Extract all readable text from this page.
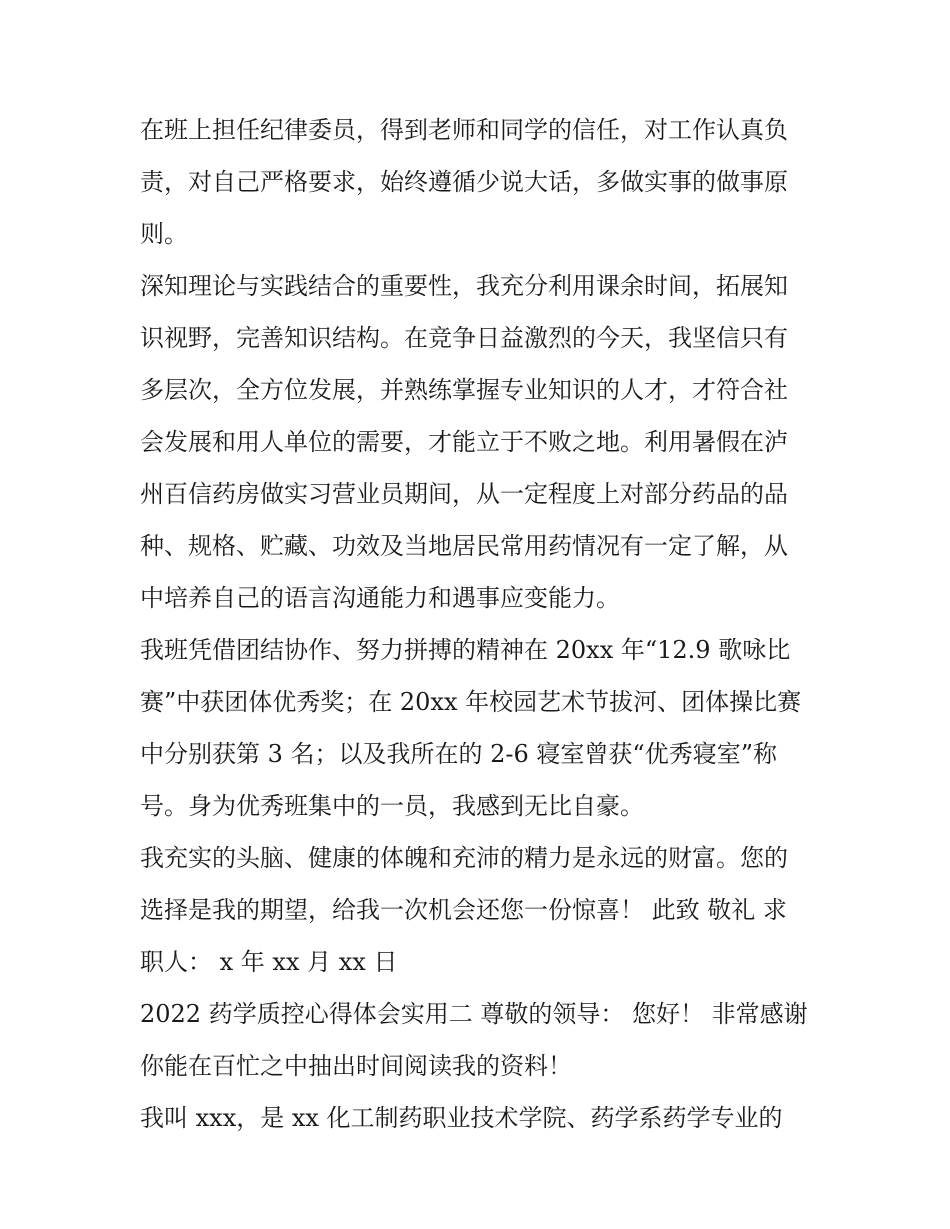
在班上担任纪律委员，得到老师和同学的信任，对工作认真负
责，对自己严格要求，始终遵循少说大话，多做实事的做事原
则。
深知理论与实践结合的重要性，我充分利用课余时间，拓展知
识视野，完善知识结构。在竞争日益激烈的今天，我坚信只有
多层次，全方位发展，并熟练掌握专业知识的人才，才符合社
会发展和用人单位的需要，才能立于不败之地。利用暑假在泸
州百信药房做实习营业员期间，从一定程度上对部分药品的品
种、规格、贮藏、功效及当地居民常用药情况有一定了解，从
中培养自己的语言沟通能力和遇事应变能力。
我班凭借团结协作、努力拼搏的精神在 20xx 年“12.9 歌咏比
赛”中获团体优秀奖；在 20xx 年校园艺术节拔河、团体操比赛
中分别获第 3 名；以及我所在的 2-6 寝室曾获“优秀寝室”称
号。身为优秀班集中的一员，我感到无比自豪。
我充实的头脑、健康的体魄和充沛的精力是永远的财富。您的
选择是我的期望，给我一次机会还您一份惊喜！ 此致 敬礼 求
职人： x 年 xx 月 xx 日
2022 药学质控心得体会实用二 尊敬的领导： 您好！ 非常感谢
你能在百忙之中抽出时间阅读我的资料！
我叫 xxx，是 xx 化工制药职业技术学院、药学系药学专业的
